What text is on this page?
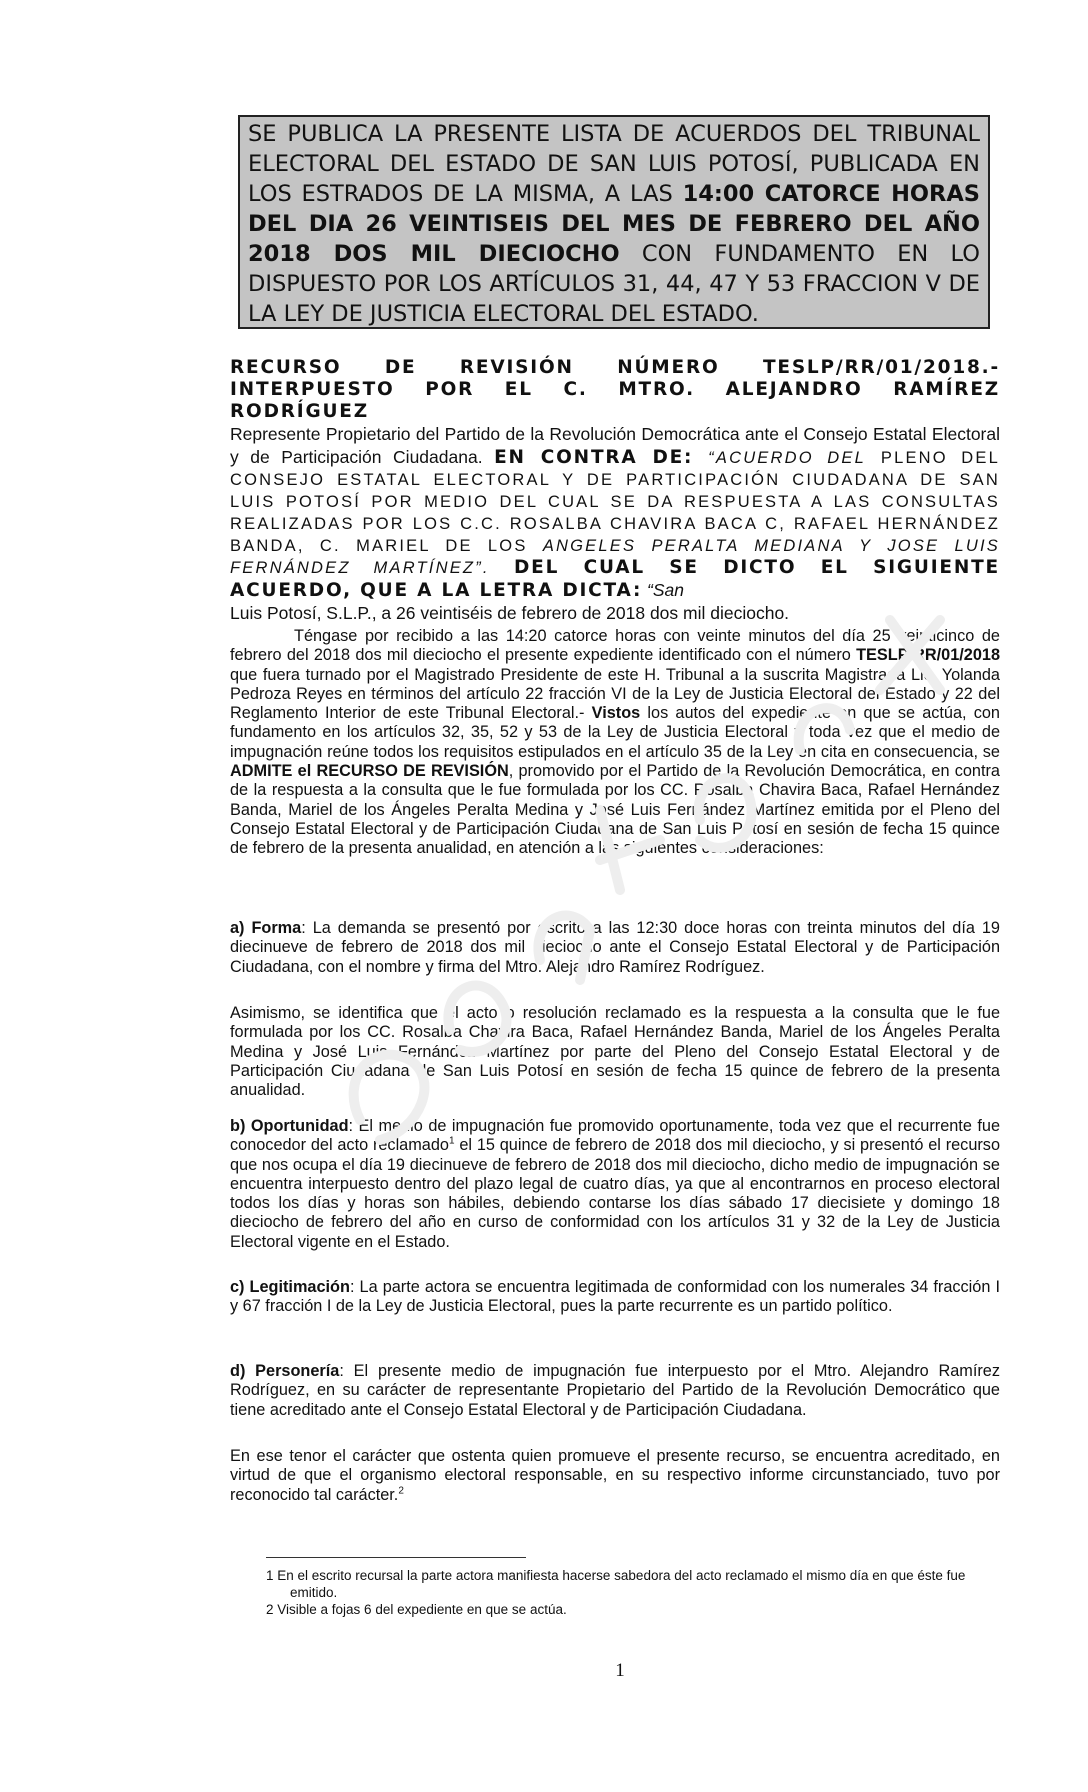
SE PUBLICA LA PRESENTE LISTA DE ACUERDOS DEL TRIBUNAL ELECTORAL DEL ESTADO DE SAN LUIS POTOSÍ, PUBLICADA EN LOS ESTRADOS DE LA MISMA, A LAS 14:00 CATORCE HORAS DEL DIA 26 VEINTISEIS DEL MES DE FEBRERO DEL AÑO 2018 DOS MIL DIECIOCHO CON FUNDAMENTO EN LO DISPUESTO POR LOS ARTÍCULOS 31, 44, 47 Y 53 FRACCION V DE LA LEY DE JUSTICIA ELECTORAL DEL ESTADO.

RECURSO DE REVISIÓN NÚMERO TESLP/RR/01/2018.-

INTERPUESTO POR EL C. MTRO. ALEJANDRO RAMÍREZ RODRÍGUEZ

Represente Propietario del Partido de la Revolución Democrática ante el Consejo Estatal Electoral y de Participación Ciudadana. EN CONTRA DE: “ACUERDO DEL PLENO DEL CONSEJO ESTATAL ELECTORAL Y DE PARTICIPACIÓN CIUDADANA DE SAN LUIS POTOSÍ POR MEDIO DEL CUAL SE DA RESPUESTA A LAS CONSULTAS REALIZADAS POR LOS C.C. ROSALBA CHAVIRA BACA C, RAFAEL HERNÁNDEZ BANDA, C. MARIEL DE LOS ANGELES PERALTA MEDIANA Y JOSE LUIS FERNÁNDEZ MARTÍNEZ”. DEL CUAL SE DICTO EL SIGUIENTE ACUERDO, QUE A LA LETRA DICTA: “San
Luis Potosí, S.L.P., a 26 veintiséis de febrero de 2018 dos mil dieciocho.

Téngase por recibido a las 14:20 catorce horas con veinte minutos del día 25 veinticinco de febrero del 2018 dos mil dieciocho el presente expediente identificado con el número TESLP/RR/01/2018 que fuera turnado por el Magistrado Presidente de este H. Tribunal a la suscrita Magistrada Lic. Yolanda Pedroza Reyes en términos del artículo 22 fracción VI de la Ley de Justicia Electoral del Estado y 22 del Reglamento Interior de este Tribunal Electoral.- Vistos los autos del expediente en que se actúa, con fundamento en los artículos 32, 35, 52 y 53 de la Ley de Justicia Electoral y toda vez que el medio de impugnación reúne todos los requisitos estipulados en el artículo 35 de la Ley en cita en consecuencia, se ADMITE el RECURSO DE REVISIÓN, promovido por el Partido de la Revolución Democrática, en contra de la respuesta a la consulta que le fue formulada por los CC. Rosalba Chavira Baca, Rafael Hernández Banda, Mariel de los Ángeles Peralta Medina y José Luis Fernández Martínez emitida por el Pleno del Consejo Estatal Electoral y de Participación Ciudadana de San Luis Potosí en sesión de fecha 15 quince de febrero de la presenta anualidad, en atención a las siguientes consideraciones:

a) Forma: La demanda se presentó por escrito a las 12:30 doce horas con treinta minutos del día 19 diecinueve de febrero de 2018 dos mil dieciocho ante el Consejo Estatal Electoral y de Participación Ciudadana, con el nombre y firma del Mtro. Alejandro Ramírez Rodríguez.

Asimismo, se identifica que el acto o resolución reclamado es la respuesta a la consulta que le fue formulada por los CC. Rosalba Chavira Baca, Rafael Hernández Banda, Mariel de los Ángeles Peralta Medina y José Luis Fernández Martínez por parte del Pleno del Consejo Estatal Electoral y de Participación Ciudadana de San Luis Potosí en sesión de fecha 15 quince de febrero de la presenta anualidad.

b) Oportunidad: El medio de impugnación fue promovido oportunamente, toda vez que el recurrente fue conocedor del acto reclamado$^1$ el 15 quince de febrero de 2018 dos mil dieciocho, y si presentó el recurso que nos ocupa el día 19 diecinueve de febrero de 2018 dos mil dieciocho, dicho medio de impugnación se encuentra interpuesto dentro del plazo legal de cuatro días, ya que al encontrarnos en proceso electoral todos los días y horas son hábiles, debiendo contarse los días sábado 17 diecisiete y domingo 18 dieciocho de febrero del año en curso de conformidad con los artículos 31 y 32 de la Ley de Justicia Electoral vigente en el Estado.

c) Legitimación: La parte actora se encuentra legitimada de conformidad con los numerales 34 fracción I y 67 fracción I de la Ley de Justicia Electoral, pues la parte recurrente es un partido político.

d) Personería: El presente medio de impugnación fue interpuesto por el Mtro. Alejandro Ramírez Rodríguez, en su carácter de representante Propietario del Partido de la Revolución Democrático que tiene acreditado ante el Consejo Estatal Electoral y de Participación Ciudadana.

En ese tenor el carácter que ostenta quien promueve el presente recurso, se encuentra acreditado, en virtud de que el organismo electoral responsable, en su respectivo informe circunstanciado, tuvo por reconocido tal carácter.$^2$

1 En el escrito recursal la parte actora manifiesta hacerse sabedora del acto reclamado el mismo día en que éste fue emitido.

2 Visible a fojas 6 del expediente en que se actúa.

1
